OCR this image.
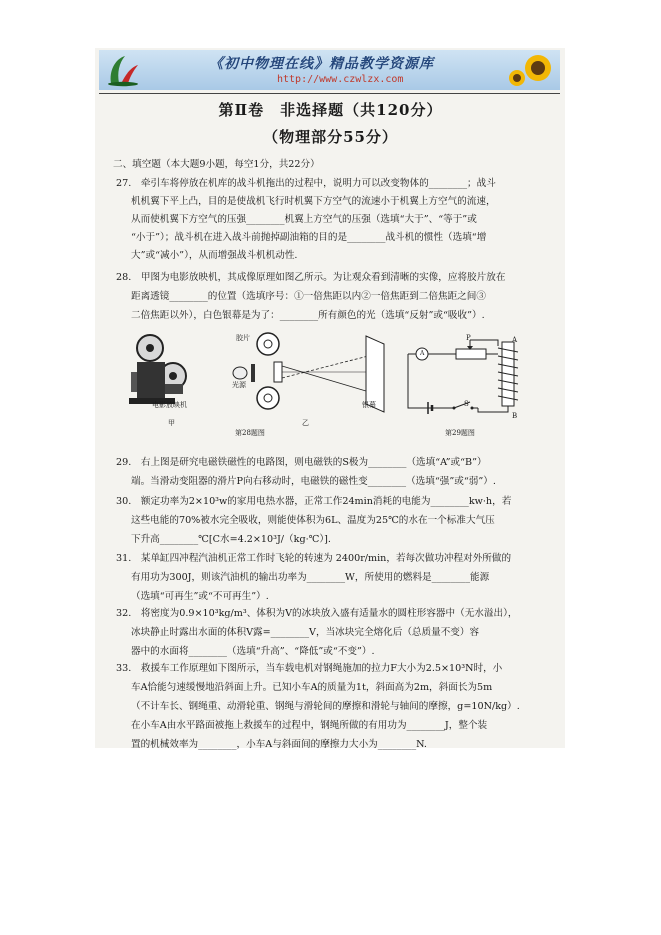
《初中物理在线》精品教学资源库
http://www.czwlzx.com
第Ⅱ卷　非选择题（共120分）
（物理部分55分）
二、填空题（本大题9小题，每空1分，共22分）
27.　牵引车将停放在机库的战斗机拖出的过程中，说明力可以改变物体的________；战斗
机机翼下平上凸，目的是使战机飞行时机翼下方空气的流速小于机翼上方空气的流速，
从而使机翼下方空气的压强________机翼上方空气的压强（选填“大于”、“等于”或
“小于”）；战斗机在进入战斗前抛掉副油箱的目的是________战斗机的惯性（选填“增
大”或“减小”），从而增强战斗机机动性.
28.　甲图为电影放映机，其成像原理如图乙所示。为让观众看到清晰的实像，应将胶片放在
距离透镜________的位置（选填序号：①一倍焦距以内②一倍焦距到二倍焦距之间③
二倍焦距以外），白色银幕是为了：________所有颜色的光（选填“反射”或“吸收”）.
电影放映机
甲
胶片
光源
银幕
乙
第28题图
A
P
S
A
B
第29题图
29.　右上图是研究电磁铁磁性的电路图，则电磁铁的S极为________（选填“A”或“B”）
端。当滑动变阻器的滑片P向右移动时，电磁铁的磁性变________（选填“强”或“弱”）.
30.　额定功率为2×10³w的家用电热水器，正常工作24min消耗的电能为________kw·h，若
这些电能的70%被水完全吸收，则能使体积为6L、温度为25℃的水在一个标准大气压
下升高________℃[C水=4.2×10³J/（kg·℃）].
31.　某单缸四冲程汽油机正常工作时飞轮的转速为 2400r/min，若每次做功冲程对外所做的
有用功为300J，则该汽油机的输出功率为________W，所使用的燃料是________能源
（选填“可再生”或“不可再生”）.
32.　将密度为0.9×10³kg/m³、体积为V的冰块放入盛有适量水的圆柱形容器中（无水溢出），
冰块静止时露出水面的体积V露=________V，当冰块完全熔化后（总质量不变）容
器中的水面将________（选填“升高”、“降低”或“不变”）.
33.　救援车工作原理如下图所示，当车载电机对钢绳施加的拉力F大小为2.5×10³N时，小
车A恰能匀速缓慢地沿斜面上升。已知小车A的质量为1t，斜面高为2m，斜面长为5m
（不计车长、钢绳重、动滑轮重、钢绳与滑轮间的摩擦和滑轮与轴间的摩擦，g=10N/kg）.
在小车A由水平路面被拖上救援车的过程中，钢绳所做的有用功为________J，整个装
置的机械效率为________，小车A与斜面间的摩擦力大小为________N.
